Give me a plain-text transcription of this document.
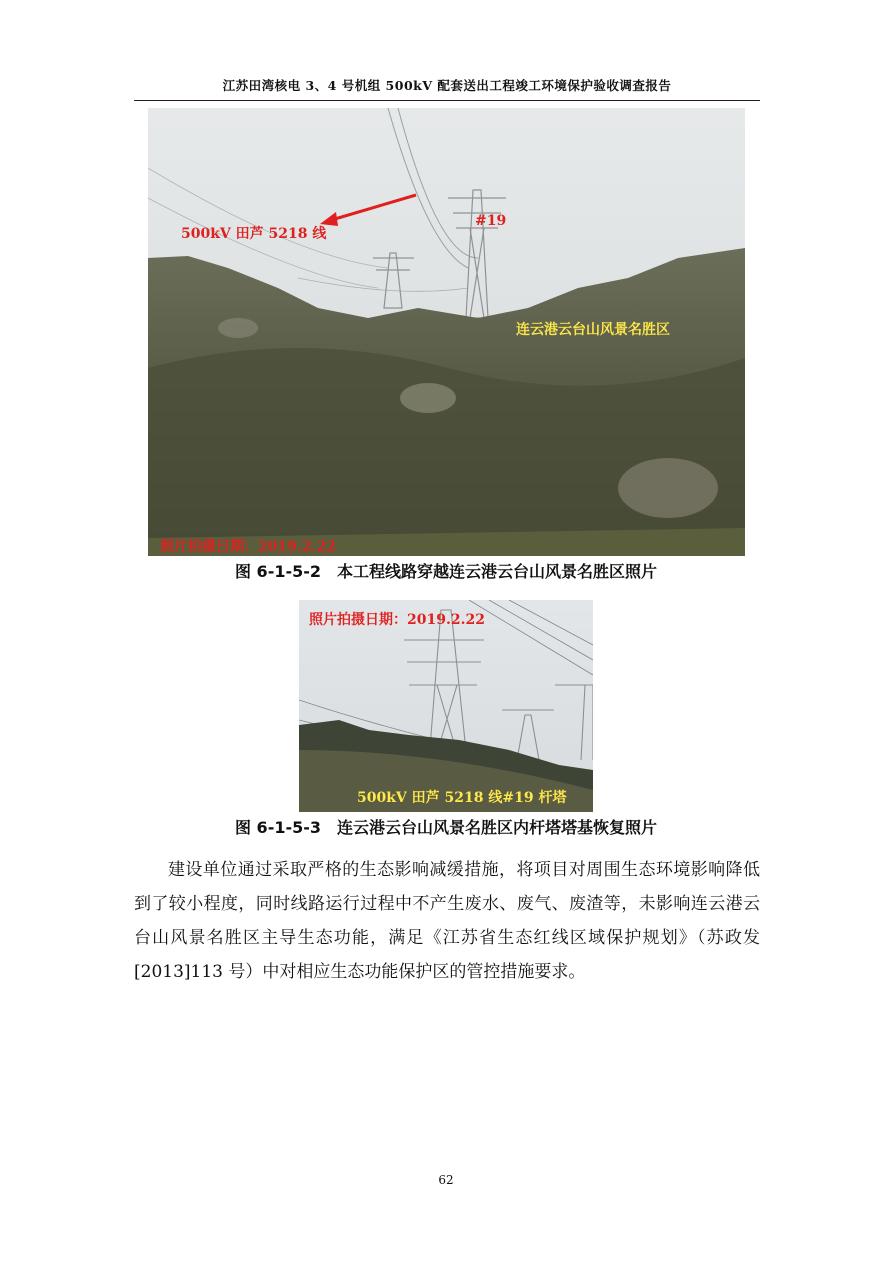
江苏田湾核电 3、4 号机组 500kV 配套送出工程竣工环境保护验收调查报告
500kV 田芦 5218 线
#19
连云港云台山风景名胜区
照片拍摄日期：2019.2.22
图 6-1-5-2　本工程线路穿越连云港云台山风景名胜区照片
照片拍摄日期：2019.2.22
500kV 田芦 5218 线#19 杆塔
图 6-1-5-3　连云港云台山风景名胜区内杆塔塔基恢复照片
建设单位通过采取严格的生态影响减缓措施，将项目对周围生态环境影响降低到了较小程度，同时线路运行过程中不产生废水、废气、废渣等，未影响连云港云台山风景名胜区主导生态功能，满足《江苏省生态红线区域保护规划》（苏政发[2013]113 号）中对相应生态功能保护区的管控措施要求。
62
